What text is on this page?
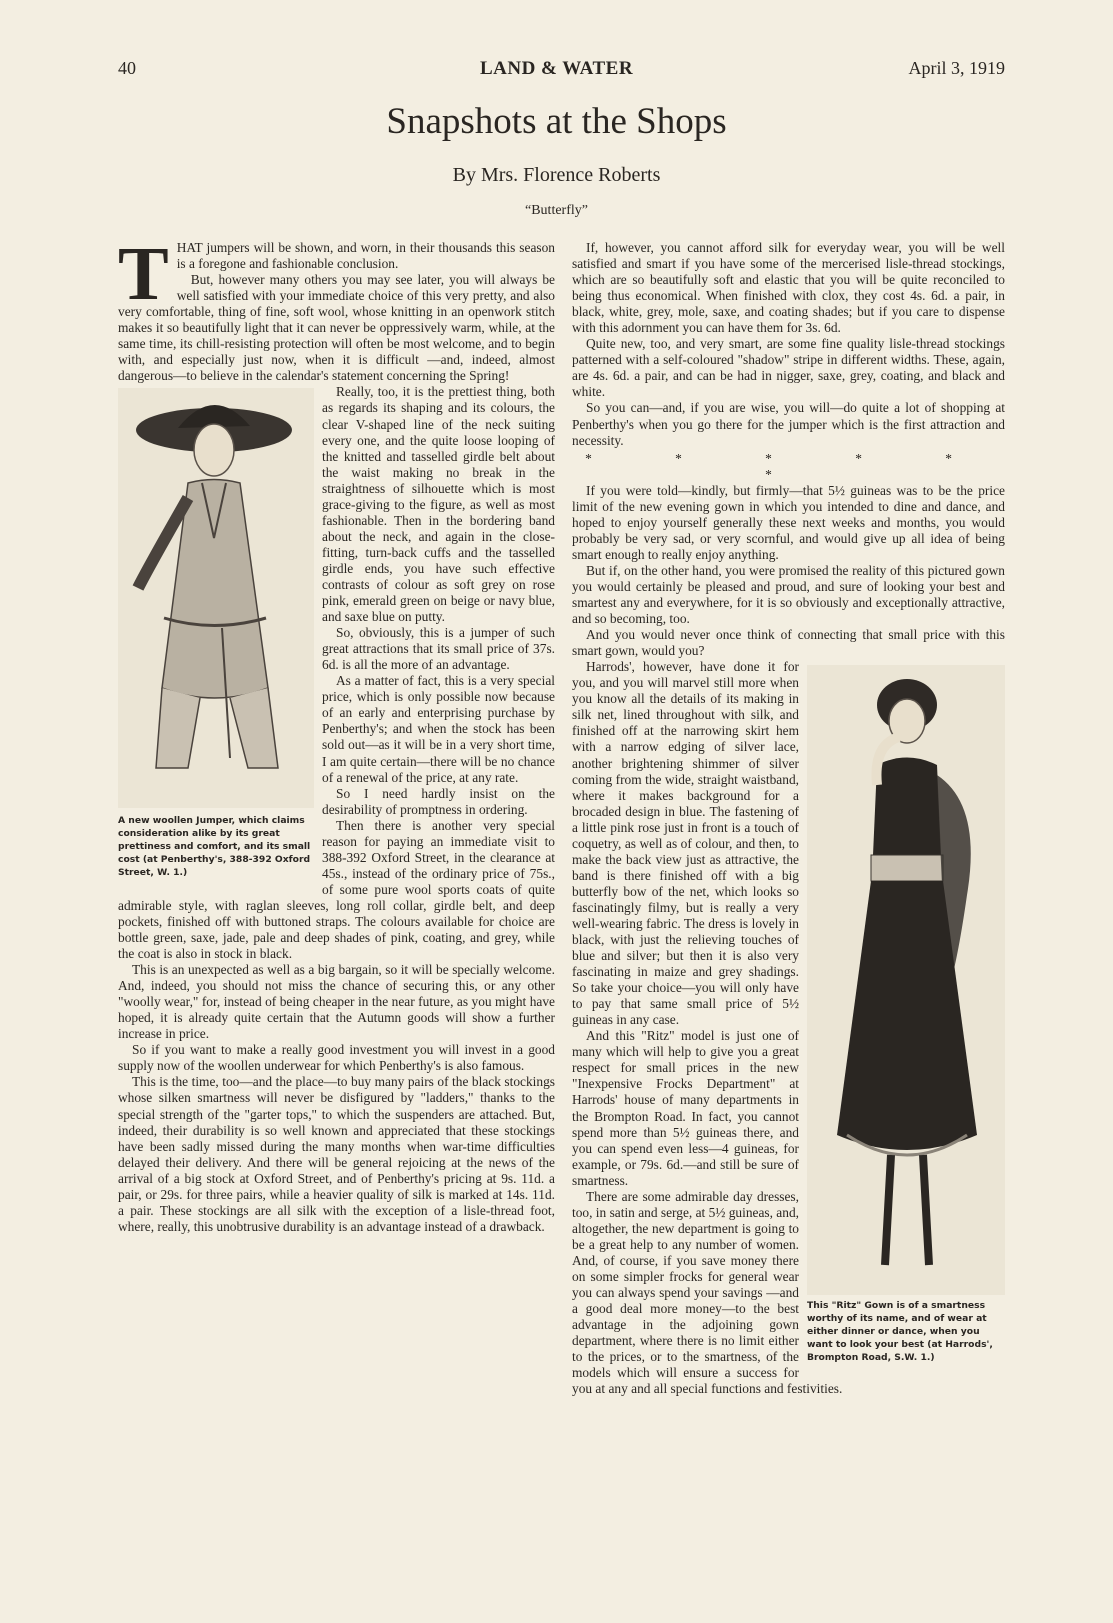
40	LAND & WATER	April 3, 1919
Snapshots at the Shops
By Mrs. Florence Roberts
“Butterfly”

THAT jumpers will be shown, and worn, in their thousands this season is a foregone and fashionable conclusion.

But, however many others you may see later, you will always be well satisfied with your immediate choice of this very pretty, and also very comfortable, thing of fine, soft wool, whose knitting in an openwork stitch makes it so beautifully light that it can never be oppressively warm, while, at the same time, its chill-resisting protection will often be most welcome, and to begin with, and especially just now, when it is difficult —and, indeed, almost dangerous—to believe in the calendar's statement concerning the Spring!

A new woollen Jumper, which claims consideration alike by its great prettiness and comfort, and its small cost (at Penberthy's, 388-392 Oxford Street, W. 1.)

Really, too, it is the prettiest thing, both as regards its shaping and its colours, the clear V-shaped line of the neck suiting every one, and the quite loose looping of the knitted and tasselled girdle belt about the waist making no break in the straightness of silhouette which is most grace-giving to the figure, as well as most fashionable. Then in the bordering band about the neck, and again in the close-fitting, turn-back cuffs and the tasselled girdle ends, you have such effective contrasts of colour as soft grey on rose pink, emerald green on beige or navy blue, and saxe blue on putty.

So, obviously, this is a jumper of such great attractions that its small price of 37s. 6d. is all the more of an advantage.

As a matter of fact, this is a very special price, which is only possible now because of an early and enterprising purchase by Penberthy's; and when the stock has been sold out—as it will be in a very short time, I am quite certain—there will be no chance of a renewal of the price, at any rate.

So I need hardly insist on the desirability of promptness in ordering.

Then there is another very special reason for paying an immediate visit to 388-392 Oxford Street, in the clearance at 45s., instead of the ordinary price of 75s., of some pure wool sports coats of quite admirable style, with raglan sleeves, long roll collar, girdle belt, and deep pockets, finished off with buttoned straps. The colours available for choice are bottle green, saxe, jade, pale and deep shades of pink, coating, and grey, while the coat is also in stock in black.

This is an unexpected as well as a big bargain, so it will be specially welcome. And, indeed, you should not miss the chance of securing this, or any other "woolly wear," for, instead of being cheaper in the near future, as you might have hoped, it is already quite certain that the Autumn goods will show a further increase in price.

So if you want to make a really good investment you will invest in a good supply now of the woollen underwear for which Penberthy's is also famous.

This is the time, too—and the place—to buy many pairs of the black stockings whose silken smartness will never be disfigured by "ladders," thanks to the special strength of the "garter tops," to which the suspenders are attached. But, indeed, their durability is so well known and appreciated that these stockings have been sadly missed during the many months when war-time difficulties delayed their delivery. And there will be general rejoicing at the news of the arrival of a big stock at Oxford Street, and of Penberthy's pricing at 9s. 11d. a pair, or 29s. for three pairs, while a heavier quality of silk is marked at 14s. 11d. a pair. These stockings are all silk with the exception of a lisle-thread foot, where, really, this unobtrusive durability is an advantage instead of a drawback.

If, however, you cannot afford silk for everyday wear, you will be well satisfied and smart if you have some of the mercerised lisle-thread stockings, which are so beautifully soft and elastic that you will be quite reconciled to being thus economical. When finished with clox, they cost 4s. 6d. a pair, in black, white, grey, mole, saxe, and coating shades; but if you care to dispense with this adornment you can have them for 3s. 6d.

Quite new, too, and very smart, are some fine quality lisle-thread stockings patterned with a self-coloured "shadow" stripe in different widths. These, again, are 4s. 6d. a pair, and can be had in nigger, saxe, grey, coating, and black and white.

So you can—and, if you are wise, you will—do quite a lot of shopping at Penberthy's when you go there for the jumper which is the first attraction and necessity.

* * * * * *

If you were told—kindly, but firmly—that 5½ guineas was to be the price limit of the new evening gown in which you intended to dine and dance, and hoped to enjoy yourself generally these next weeks and months, you would probably be very sad, or very scornful, and would give up all idea of being smart enough to really enjoy anything.

But if, on the other hand, you were promised the reality of this pictured gown you would certainly be pleased and proud, and sure of looking your best and smartest any and everywhere, for it is so obviously and exceptionally attractive, and so becoming, too.

And you would never once think of connecting that small price with this smart gown, would you?

This "Ritz" Gown is of a smartness worthy of its name, and of wear at either dinner or dance, when you want to look your best (at Harrods', Brompton Road, S.W. 1.)

Harrods', however, have done it for you, and you will marvel still more when you know all the details of its making in silk net, lined throughout with silk, and finished off at the narrowing skirt hem with a narrow edging of silver lace, another brightening shimmer of silver coming from the wide, straight waistband, where it makes background for a brocaded design in blue. The fastening of a little pink rose just in front is a touch of coquetry, as well as of colour, and then, to make the back view just as attractive, the band is there finished off with a big butterfly bow of the net, which looks so fascinatingly filmy, but is really a very well-wearing fabric. The dress is lovely in black, with just the relieving touches of blue and silver; but then it is also very fascinating in maize and grey shadings. So take your choice—you will only have to pay that same small price of 5½ guineas in any case.

And this "Ritz" model is just one of many which will help to give you a great respect for small prices in the new "Inexpensive Frocks Department" at Harrods' house of many departments in the Brompton Road. In fact, you cannot spend more than 5½ guineas there, and you can spend even less—4 guineas, for example, or 79s. 6d.—and still be sure of smartness.

There are some admirable day dresses, too, in satin and serge, at 5½ guineas, and, altogether, the new department is going to be a great help to any number of women. And, of course, if you save money there on some simpler frocks for general wear you can always spend your savings —and a good deal more money—to the best advantage in the adjoining gown department, where there is no limit either to the prices, or to the smartness, of the models which will ensure a success for you at any and all special functions and festivities.
